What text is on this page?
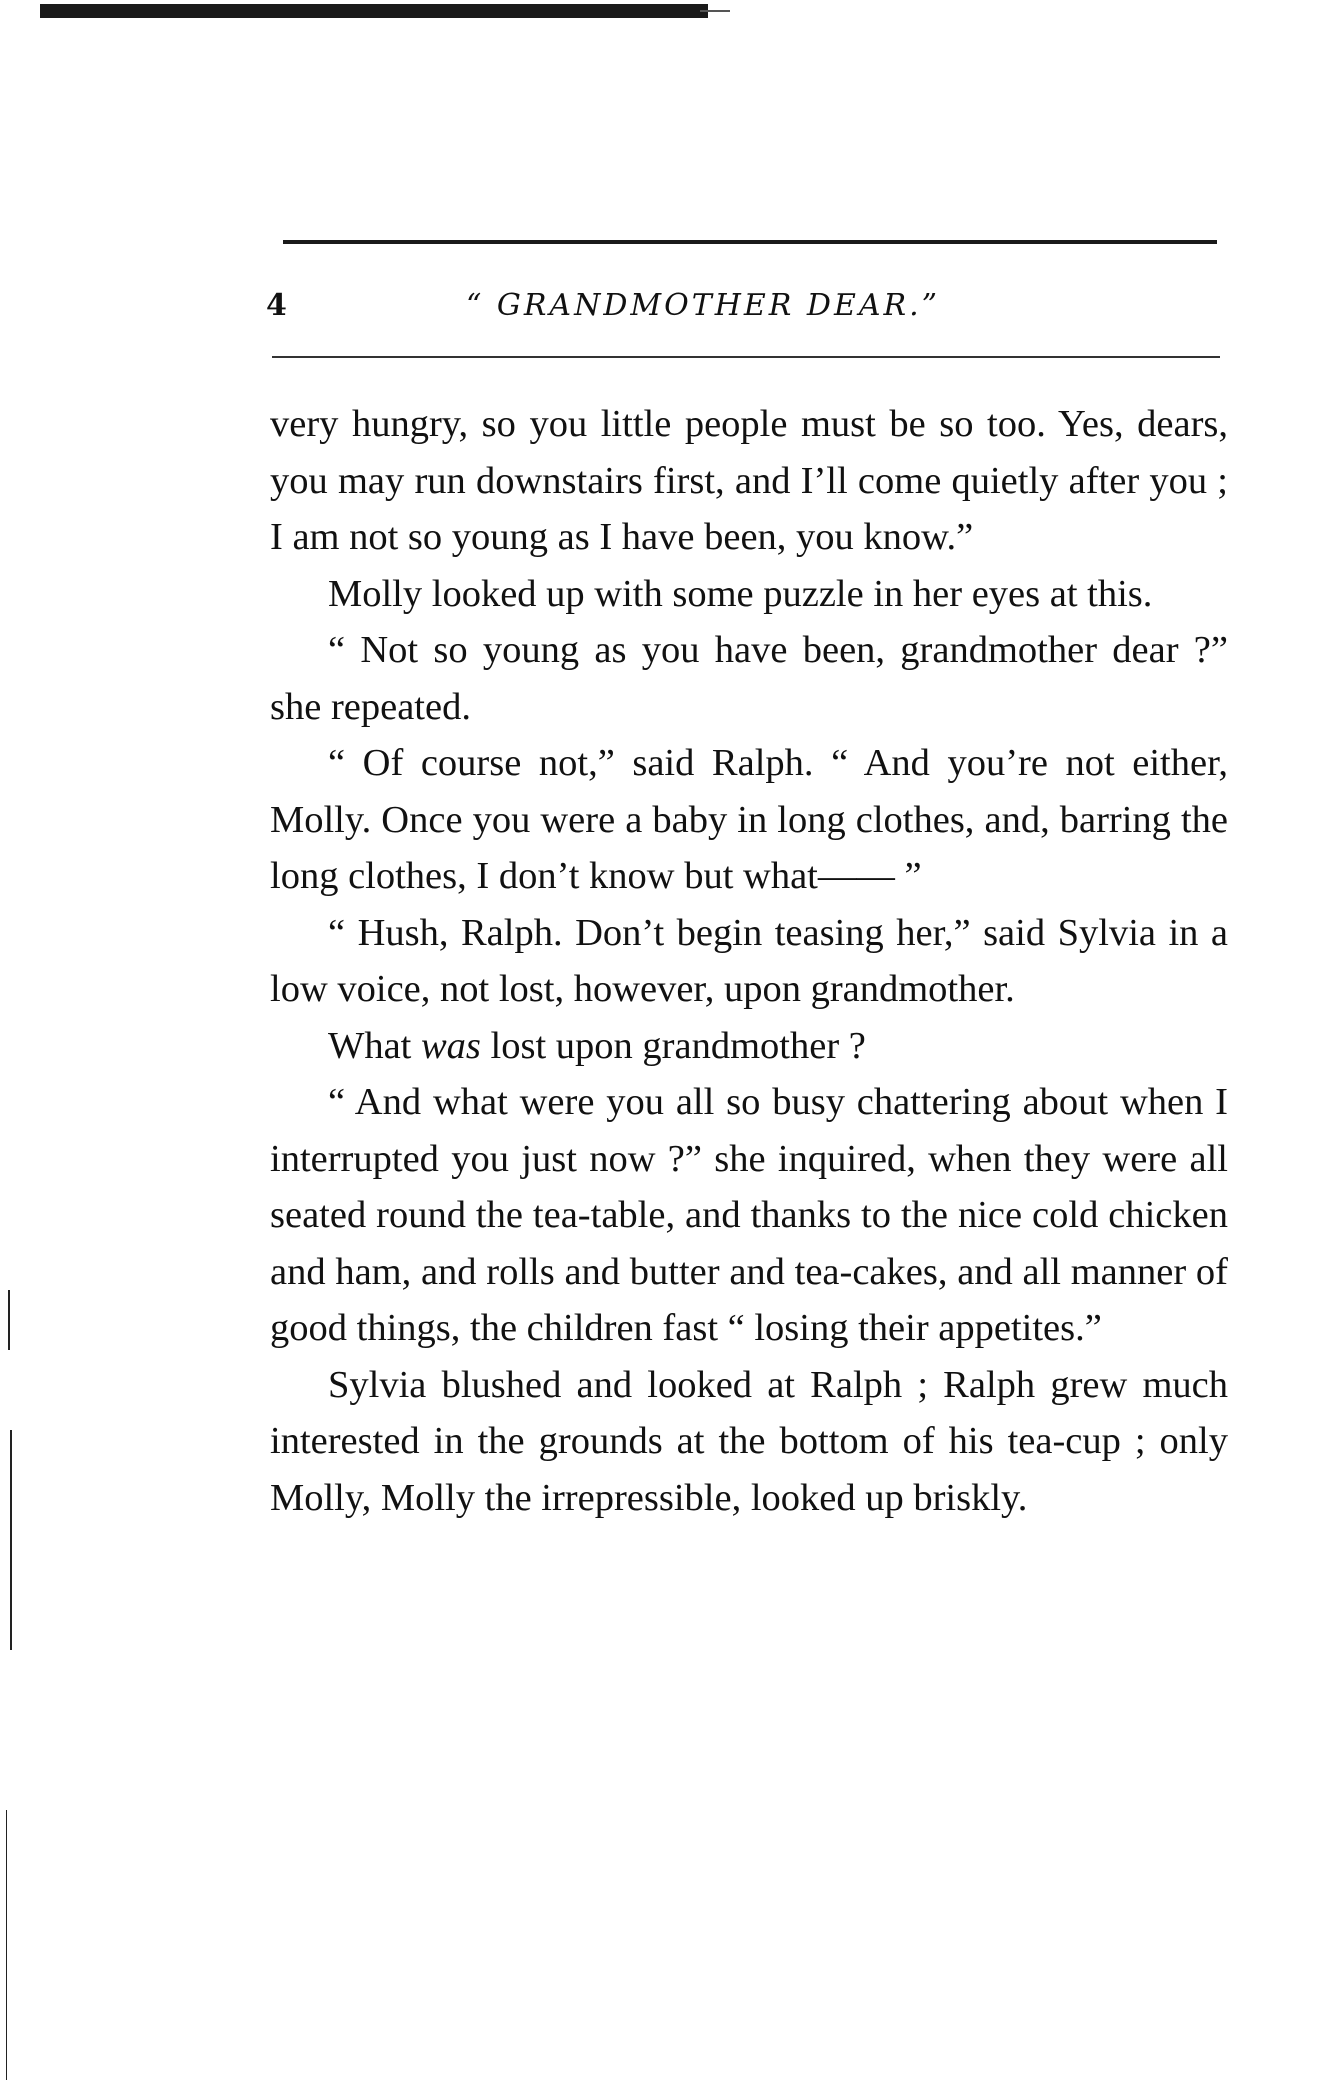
4	“ GRANDMOTHER DEAR.”

very hungry, so you little people must be so too. Yes, dears, you may run downstairs first, and I’ll come quietly after you ; I am not so young as I have been, you know.”

Molly looked up with some puzzle in her eyes at this.

“ Not so young as you have been, grandmother dear ?” she repeated.

“ Of course not,” said Ralph. “ And you’re not either, Molly. Once you were a baby in long clothes, and, barring the long clothes, I don’t know but what—— ”

“ Hush, Ralph. Don’t begin teasing her,” said Sylvia in a low voice, not lost, however, upon grandmother.

What was lost upon grandmother ?

“ And what were you all so busy chattering about when I interrupted you just now ?” she inquired, when they were all seated round the tea-table, and thanks to the nice cold chicken and ham, and rolls and butter and tea-cakes, and all manner of good things, the children fast “ losing their appetites.”

Sylvia blushed and looked at Ralph ; Ralph grew much interested in the grounds at the bottom of his tea-cup ; only Molly, Molly the irrepressible, looked up briskly.
